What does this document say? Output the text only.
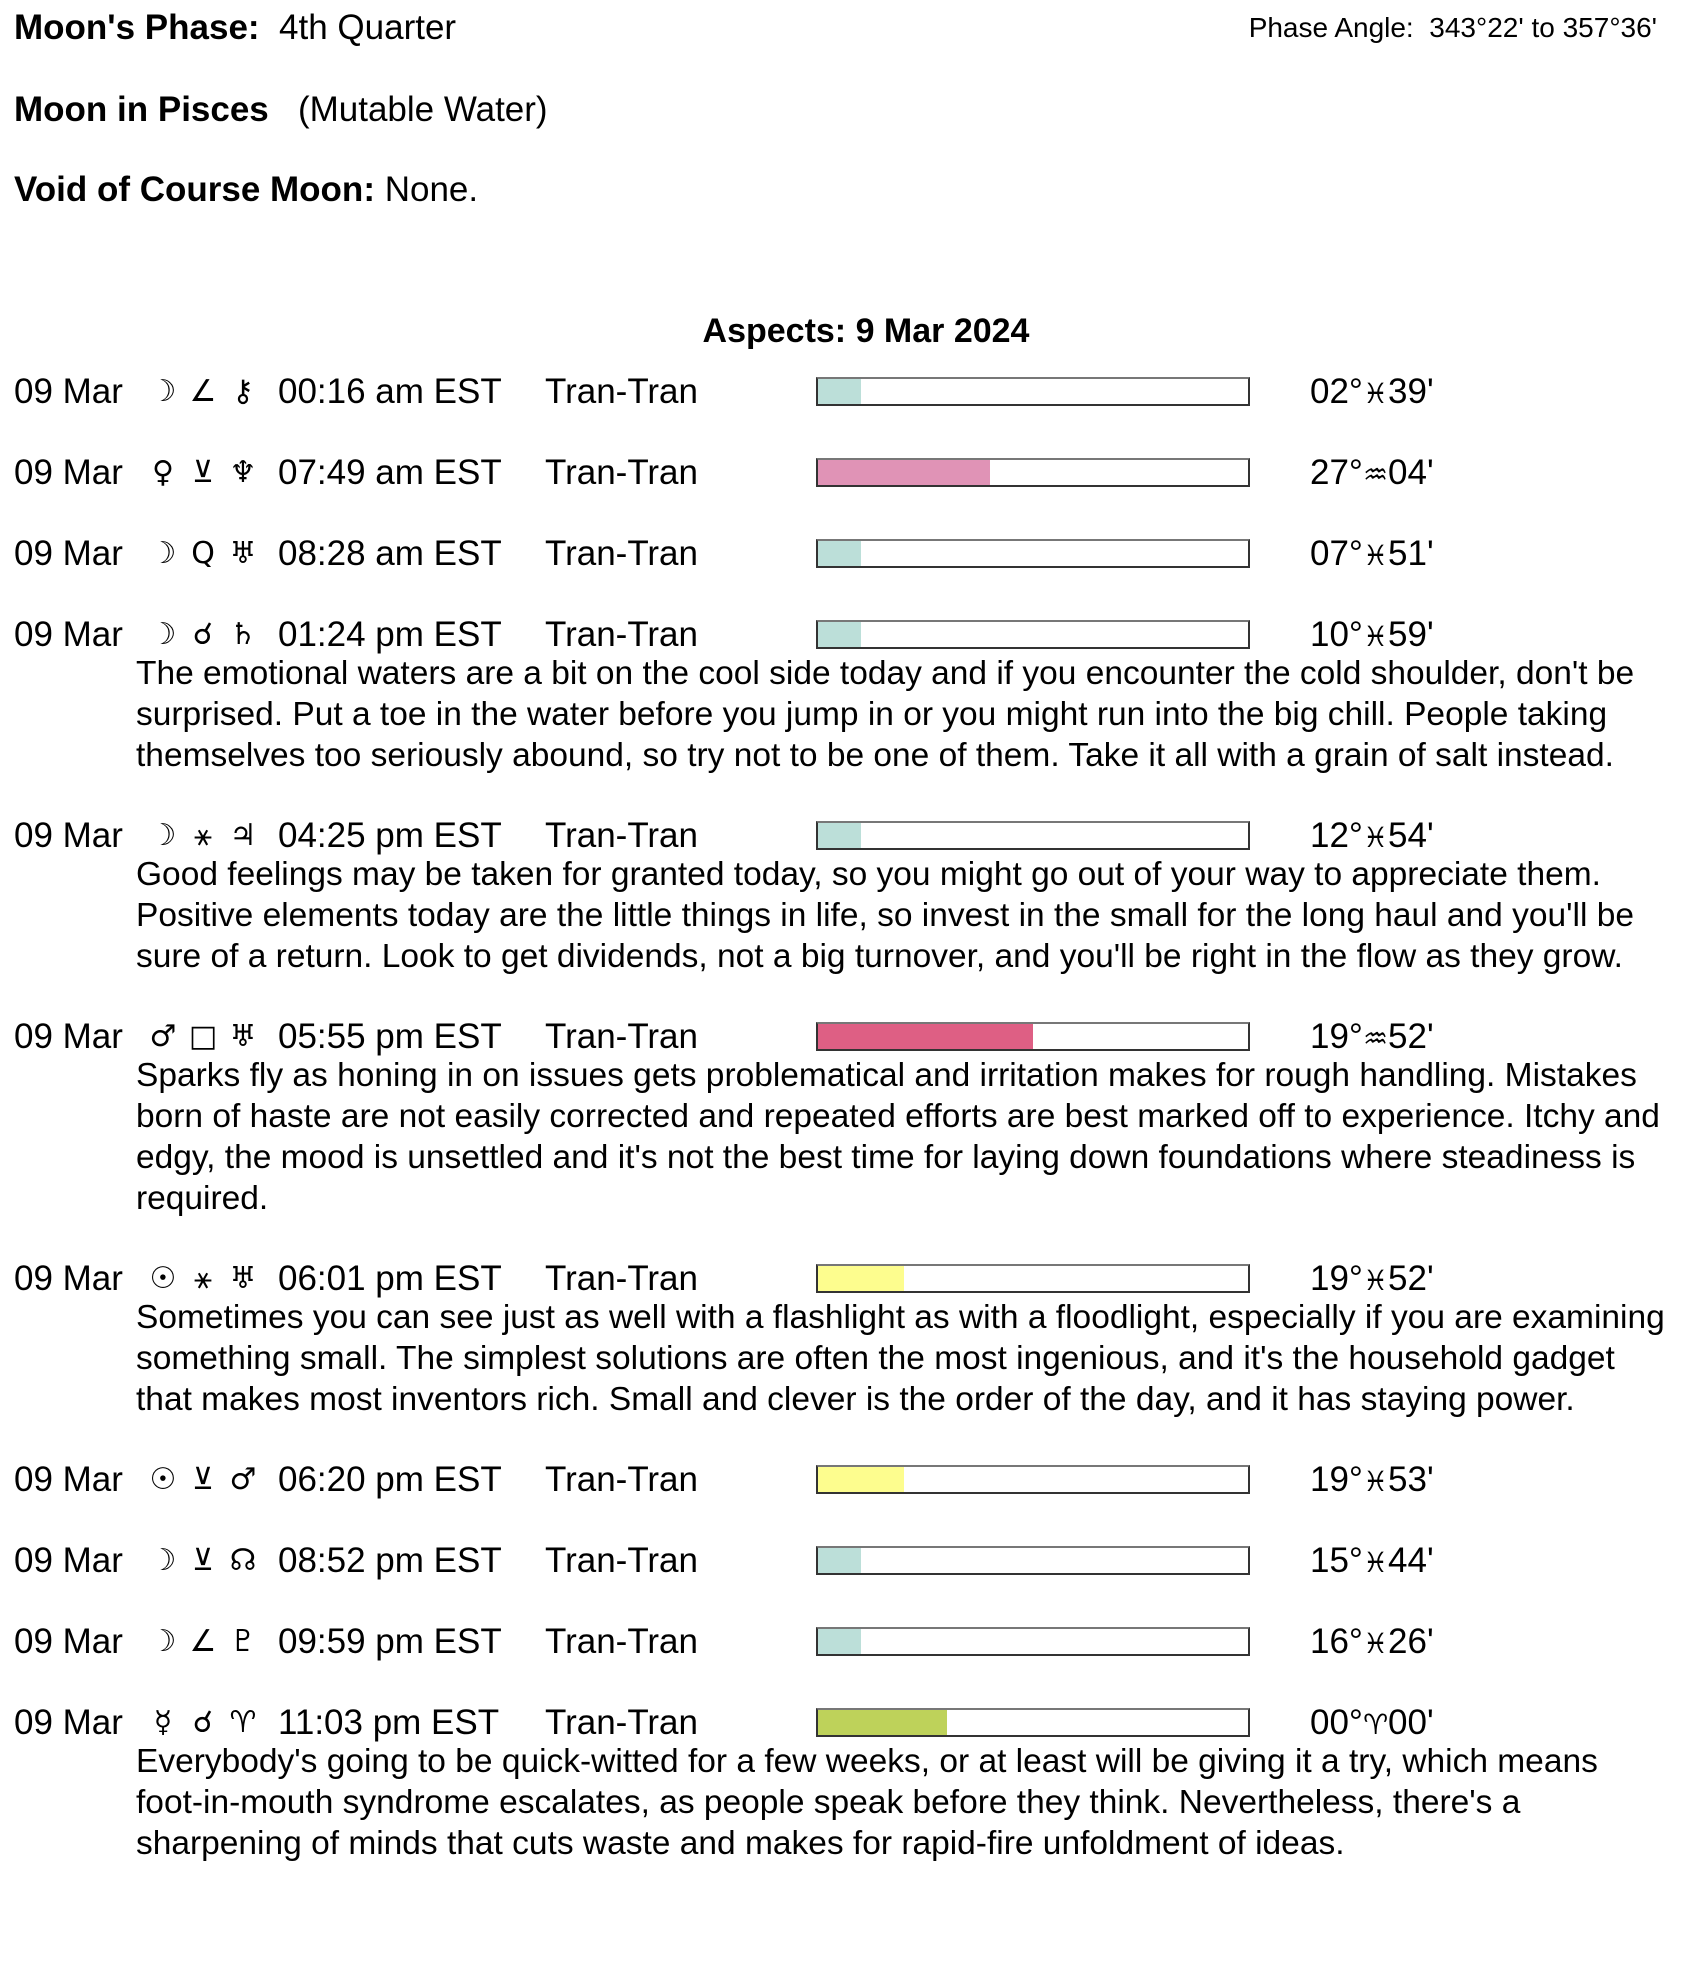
Moon's Phase: 4th Quarter	Phase Angle: 343°22' to 357°36'
Moon in Pisces (Mutable Water)
Void of Course Moon: None.
Aspects: 9 Mar 2024
09 Mar ☽ ∠ ⚷ 00:16 am EST Tran-Tran	02°♓39'
09 Mar ♀ ⊻ ♆ 07:49 am EST Tran-Tran	27°♒04'
09 Mar ☽ Q ♅ 08:28 am EST Tran-Tran	07°♓51'
09 Mar ☽ ☌ ♄ 01:24 pm EST Tran-Tran	10°♓59'
The emotional waters are a bit on the cool side today and if you encounter the cold shoulder, don't be surprised. Put a toe in the water before you jump in or you might run into the big chill. People taking themselves too seriously abound, so try not to be one of them. Take it all with a grain of salt instead.
09 Mar ☽ ⚹ ♃ 04:25 pm EST Tran-Tran	12°♓54'
Good feelings may be taken for granted today, so you might go out of your way to appreciate them. Positive elements today are the little things in life, so invest in the small for the long haul and you'll be sure of a return. Look to get dividends, not a big turnover, and you'll be right in the flow as they grow.
09 Mar ♂ □ ♅ 05:55 pm EST Tran-Tran	19°♒52'
Sparks fly as honing in on issues gets problematical and irritation makes for rough handling. Mistakes born of haste are not easily corrected and repeated efforts are best marked off to experience. Itchy and edgy, the mood is unsettled and it's not the best time for laying down foundations where steadiness is required.
09 Mar ☉ ⚹ ♅ 06:01 pm EST Tran-Tran	19°♓52'
Sometimes you can see just as well with a flashlight as with a floodlight, especially if you are examining something small. The simplest solutions are often the most ingenious, and it's the household gadget that makes most inventors rich. Small and clever is the order of the day, and it has staying power.
09 Mar ☉ ⊻ ♂ 06:20 pm EST Tran-Tran	19°♓53'
09 Mar ☽ ⊻ ☊ 08:52 pm EST Tran-Tran	15°♓44'
09 Mar ☽ ∠ ♇ 09:59 pm EST Tran-Tran	16°♓26'
09 Mar	☿ ☌ ♈ 11:03 pm EST Tran-Tran	00°♈00'
Everybody's going to be quick-witted for a few weeks, or at least will be giving it a try, which means foot-in-mouth syndrome escalates, as people speak before they think. Nevertheless, there's a sharpening of minds that cuts waste and makes for rapid-fire unfoldment of ideas.
